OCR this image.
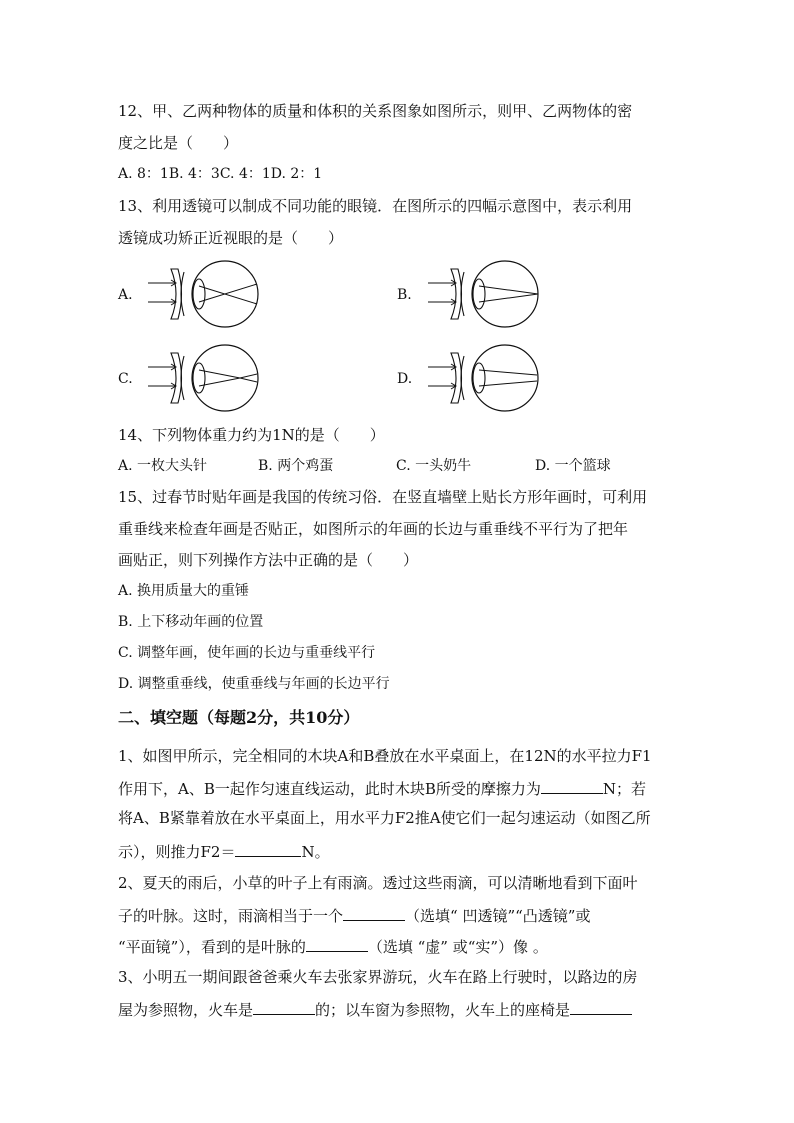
12、甲、乙两种物体的质量和体积的关系图象如图所示，则甲、乙两物体的密
度之比是（　　）
A. 8：1B. 4：3C. 4：1D. 2：1
13、利用透镜可以制成不同功能的眼镜．在图所示的四幅示意图中，表示利用
透镜成功矫正近视眼的是（　　）
A.	B.
C.	D.
14、下列物体重力约为1N的是（　　）
A. 一枚大头针	B. 两个鸡蛋	C. 一头奶牛	D. 一个篮球
15、过春节时贴年画是我国的传统习俗．在竖直墙壁上贴长方形年画时，可利用
重垂线来检查年画是否贴正，如图所示的年画的长边与重垂线不平行为了把年
画贴正，则下列操作方法中正确的是（　　）
A. 换用质量大的重锤
B. 上下移动年画的位置
C. 调整年画，使年画的长边与重垂线平行
D. 调整重垂线，使重垂线与年画的长边平行
二、填空题（每题2分，共10分）
1、如图甲所示，完全相同的木块A和B叠放在水平桌面上，在12N的水平拉力F1
作用下，A、B一起作匀速直线运动，此时木块B所受的摩擦力为	N；若
将A、B紧靠着放在水平桌面上，用水平力F2推A使它们一起匀速运动（如图乙所
示），则推力F2＝	N。
2、夏天的雨后，小草的叶子上有雨滴。透过这些雨滴，可以清晰地看到下面叶
子的叶脉。这时，雨滴相当于一个	（选填“ 凹透镜”“凸透镜”或
“平面镜”），看到的是叶脉的	（选填 “虚” 或“实”）像 。
3、小明五一期间跟爸爸乘火车去张家界游玩，火车在路上行驶时，以路边的房
屋为参照物，火车是	的；以车窗为参照物，火车上的座椅是
